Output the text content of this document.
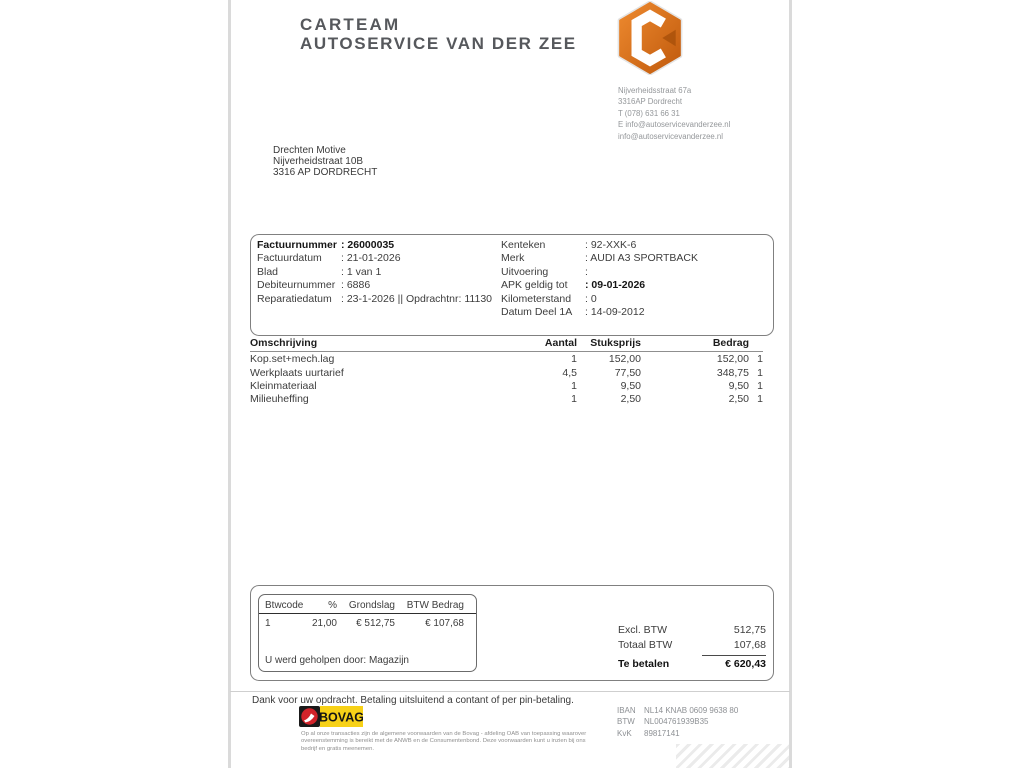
CARTEAM
AUTOSERVICE VAN DER ZEE
Nijverheidsstraat 67a
3316AP Dordrecht
T (078) 631 66 31
E info@autoservicevanderzee.nl
info@autoservicevanderzee.nl
Drechten Motive
Nijverheidstraat 10B
3316 AP DORDRECHT
Factuurnummer : 26000035
Factuurdatum	: 21-01-2026
Blad	: 1 van 1
Debiteurnummer : 6886
Reparatiedatum : 23-1-2026 || Opdrachtnr: 11130
Kenteken	: 92-XXK-6
Merk	: AUDI A3 SPORTBACK
Uitvoering	:
APK geldig tot	: 09-01-2026
Kilometerstand	: 0
Datum Deel 1A	: 14-09-2012
Omschrijving	Aantal	Stuksprijs	Bedrag
Kop.set+mech.lag	1	152,00	152,00 1
Werkplaats uurtarief	4,5	77,50	348,75 1
Kleinmateriaal	1	9,50	9,50 1
Milieuheffing	1	2,50	2,50 1
Btwcode	%	Grondslag	BTW Bedrag
1	21,00	€ 512,75	€ 107,68
U werd geholpen door: Magazijn
Excl. BTW	512,75
Totaal BTW	107,68
Te betalen	€ 620,43
Dank voor uw opdracht. Betaling uitsluitend a contant of per pin-betaling.
BOVAG
Op al onze transacties zijn de algemene voorwaarden van de Bovag - afdeling OAB van toepassing waarover overeenstemming is bereikt met de ANWB en de Consumentenbond. Deze voorwaarden kunt u inzien bij ons bedrijf en gratis meenemen.
IBAN	NL14 KNAB 0609 9638 80
BTW	NL004761939B35
KvK	89817141
